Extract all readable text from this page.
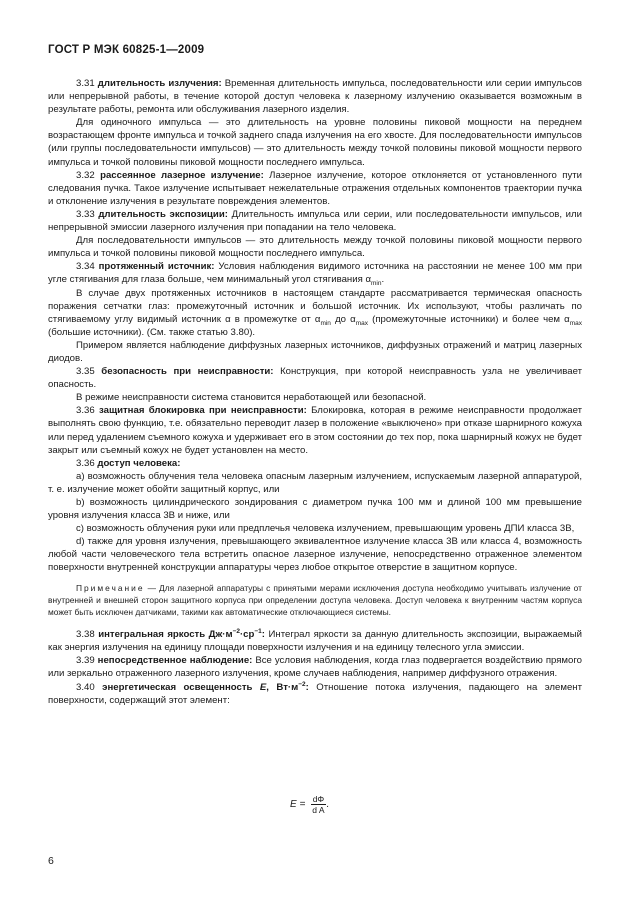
ГОСТ Р МЭК 60825-1—2009

3.31 длительность излучения: Временная длительность импульса, последовательности или серии импульсов или непрерывной работы, в течение которой доступ человека к лазерному излучению оказывается возможным в результате работы, ремонта или обслуживания лазерного изделия.

Для одиночного импульса — это длительность на уровне половины пиковой мощности на переднем возрастающем фронте импульса и точкой заднего спада излучения на его хвосте. Для последовательности импульсов (или группы последовательности импульсов) — это длительность между точкой половины пиковой мощности первого импульса и точкой половины пиковой мощности последнего импульса.

3.32 рассеянное лазерное излучение: Лазерное излучение, которое отклоняется от установленного пути следования пучка. Такое излучение испытывает нежелательные отражения отдельных компонентов траектории пучка и отклонение излучения в результате повреждения элементов.

3.33 длительность экспозиции: Длительность импульса или серии, или последовательности импульсов, или непрерывной эмиссии лазерного излучения при попадании на тело человека.

Для последовательности импульсов — это длительность между точкой половины пиковой мощности первого импульса и точкой половины пиковой мощности последнего импульса.

3.34 протяженный источник: Условия наблюдения видимого источника на расстоянии не менее 100 мм при угле стягивания для глаза больше, чем минимальный угол стягивания $\alpha_{min}$.

В случае двух протяженных источников в настоящем стандарте рассматривается термическая опасность поражения сетчатки глаз: промежуточный источник и большой источник. Их используют, чтобы различать по стягиваемому углу видимый источник α в промежутке от $\alpha_{min}$ до $\alpha_{max}$ (промежуточные источники) и более чем $\alpha_{max}$ (большие источники). (См. также статью 3.80).

Примером является наблюдение диффузных лазерных источников, диффузных отражений и матриц лазерных диодов.

3.35 безопасность при неисправности: Конструкция, при которой неисправность узла не увеличивает опасность.

В режиме неисправности система становится неработающей или безопасной.

3.36 защитная блокировка при неисправности: Блокировка, которая в режиме неисправности продолжает выполнять свою функцию, т.е. обязательно переводит лазер в положение «выключено» при отказе шарнирного кожуха или перед удалением съемного кожуха и удерживает его в этом состоянии до тех пор, пока шарнирный кожух не будет закрыт или съемный кожух не будет установлен на место.

3.36 доступ человека:

a) возможность облучения тела человека опасным лазерным излучением, испускаемым лазерной аппаратурой, т. е. излучение может обойти защитный корпус, или

b) возможность цилиндрического зондирования с диаметром пучка 100 мм и длиной 100 мм превышение уровня излучения класса 3В и ниже, или

c) возможность облучения руки или предплечья человека излучением, превышающим уровень ДПИ класса 3В,

d) также для уровня излучения, превышающего эквивалентное излучение класса 3В или класса 4, возможность любой части человеческого тела встретить опасное лазерное излучение, непосредственно отраженное элементом поверхности внутренней конструкции аппаратуры через любое открытое отверстие в защитном корпусе.

Примечание — Для лазерной аппаратуры с принятыми мерами исключения доступа необходимо учитывать излучение от внутренней и внешней сторон защитного корпуса при определении доступа человека. Доступ человека к внутренним частям корпуса может быть исключен датчиками, такими как автоматические отключающиеся системы.

3.38 интегральная яркость $Дж\cdot м^{-2}\cdot ср^{-1}$: Интеграл яркости за данную длительность экспозиции, выражаемый как энергия излучения на единицу площади поверхности излучения и на единицу телесного угла эмиссии.

3.39 непосредственное наблюдение: Все условия наблюдения, когда глаз подвергается воздействию прямого или зеркально отраженного лазерного излучения, кроме случаев наблюдения, например диффузного отражения.

3.40 энергетическая освещенность E, $Вт\cdot м^{-2}$: Отношение потока излучения, падающего на элемент поверхности, содержащий этот элемент:

$E = \frac{d\Phi}{\text{d A}}$ .
6
